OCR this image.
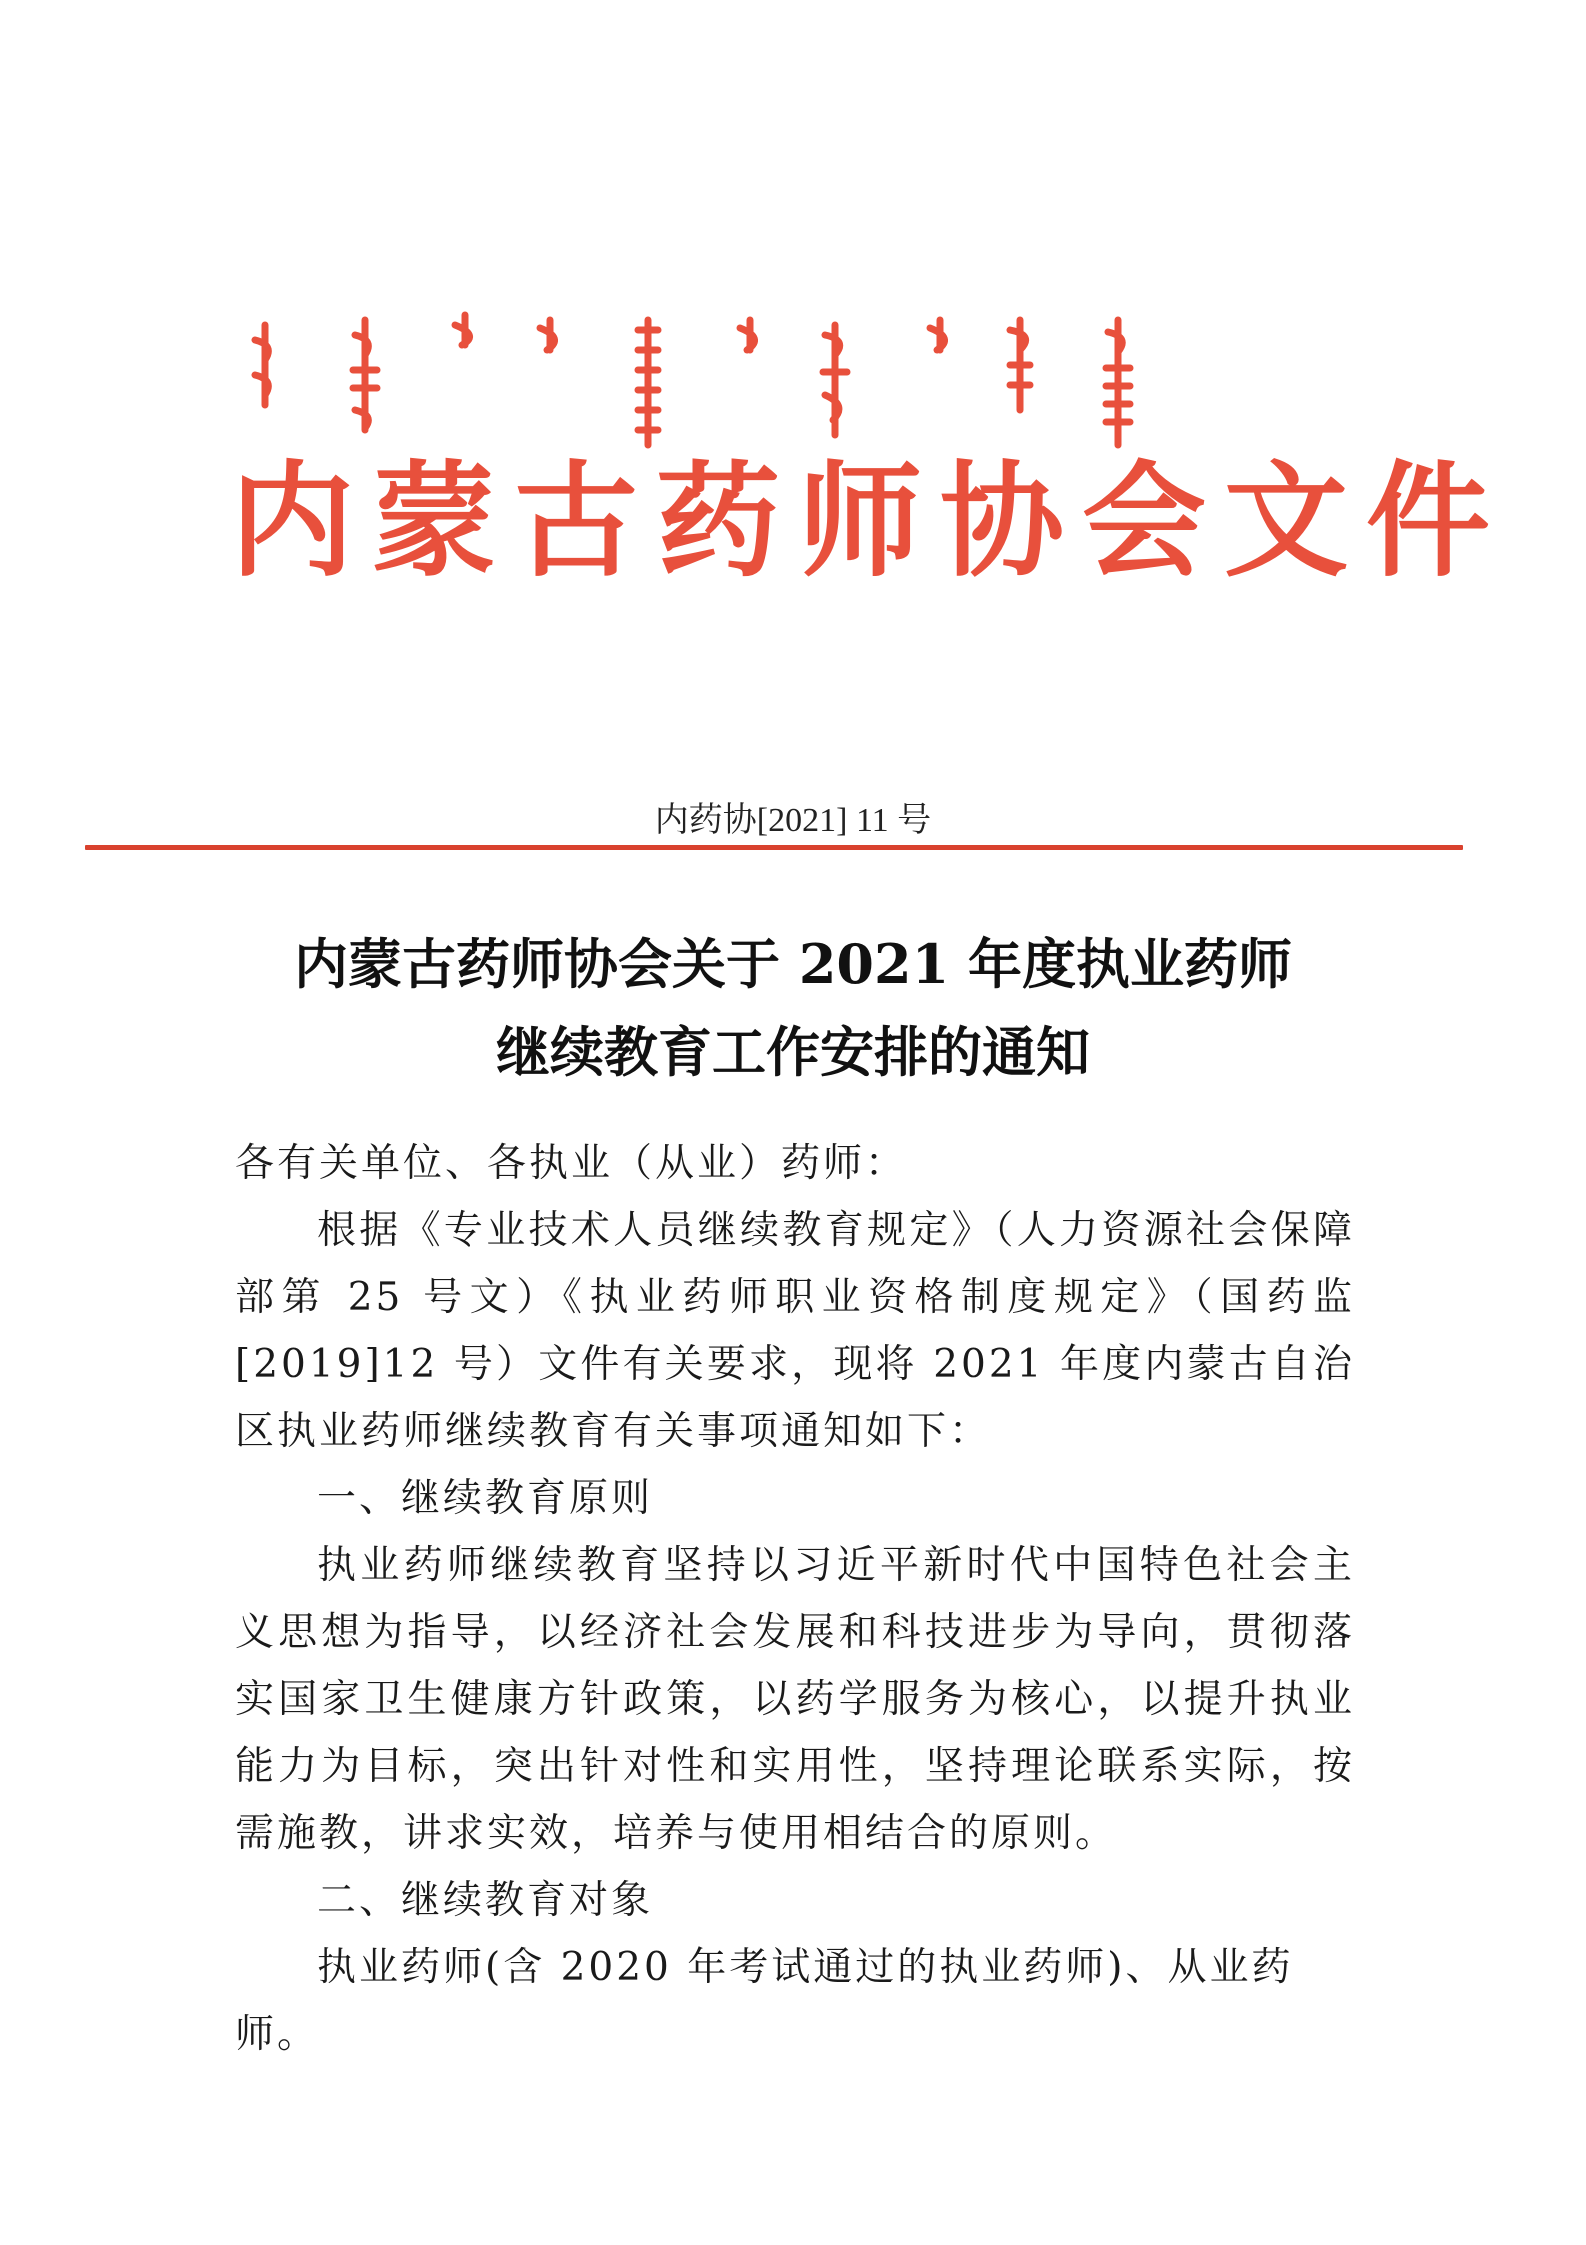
内蒙古药师协会文件
内药协[2021] 11 号
内蒙古药师协会关于 2021 年度执业药师
继续教育工作安排的通知

各有关单位、各执业（从业）药师：

根据《专业技术人员继续教育规定》（人力资源社会保障部第 25 号文）《执业药师职业资格制度规定》（国药监[2019]12 号）文件有关要求，现将 2021 年度内蒙古自治区执业药师继续教育有关事项通知如下：

一、继续教育原则

执业药师继续教育坚持以习近平新时代中国特色社会主义思想为指导，以经济社会发展和科技进步为导向，贯彻落实国家卫生健康方针政策，以药学服务为核心，以提升执业能力为目标，突出针对性和实用性，坚持理论联系实际，按需施教，讲求实效，培养与使用相结合的原则。

二、继续教育对象

执业药师(含 2020 年考试通过的执业药师)、从业药师。
